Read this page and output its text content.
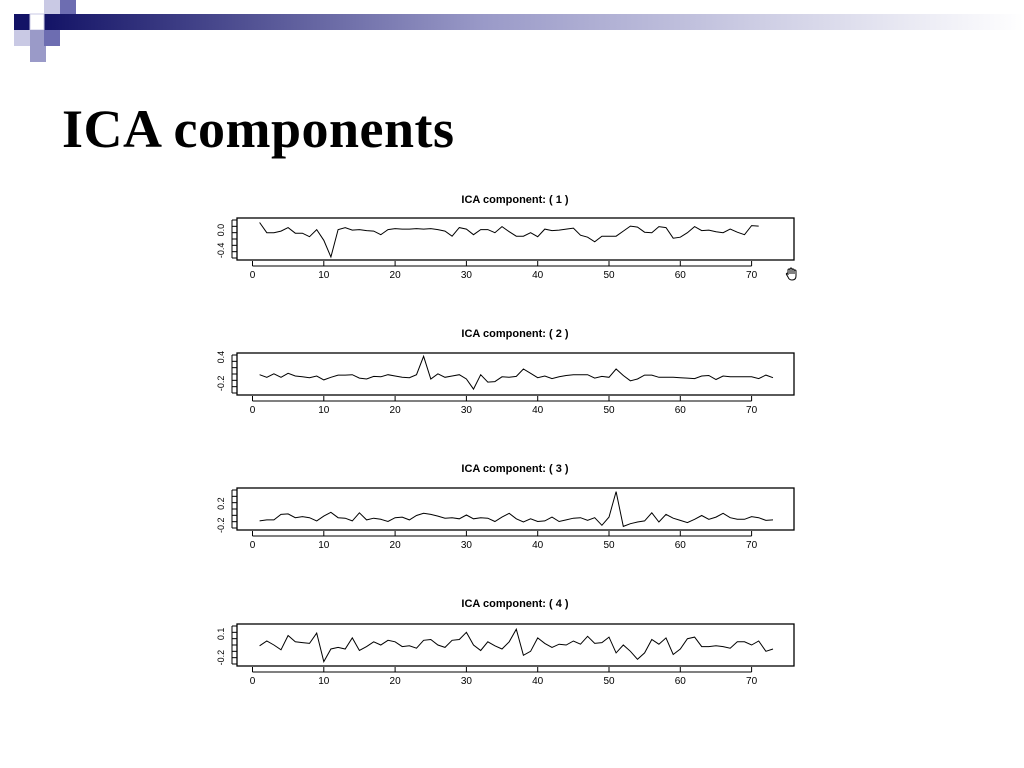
ICA components
ICA component: ( 1 )
0	10	20	30	40	50	60	70
-0.4
0.0
ICA component: ( 2 )
0	10	20	30	40	50	60	70
-0.2
0.4
ICA component: ( 3 )
0	10	20	30	40	50	60	70
-0.2
0.2
ICA component: ( 4 )
0	10	20	30	40	50	60	70
-0.2
0.1
